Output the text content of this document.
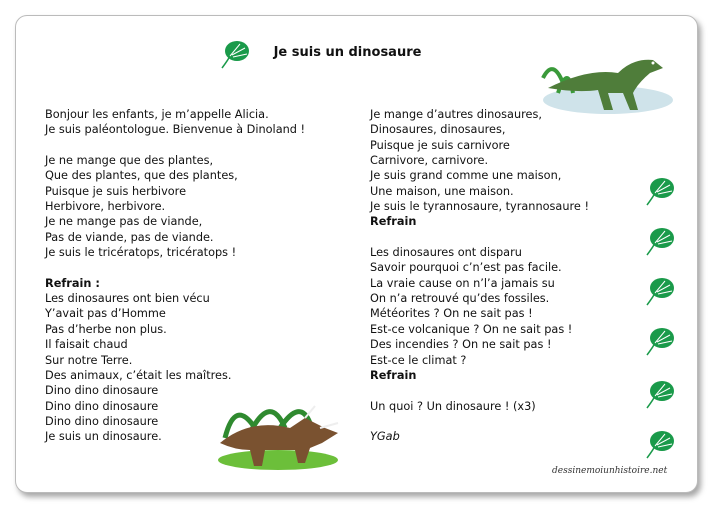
Je suis un dinosaure
Bonjour les enfants, je m’appelle Alicia.
Je suis paléontologue. Bienvenue à Dinoland !
Je ne mange que des plantes,
Que des plantes, que des plantes,
Puisque je suis herbivore
Herbivore, herbivore.
Je ne mange pas de viande,
Pas de viande, pas de viande.
Je suis le tricératops, tricératops !
Refrain :
Les dinosaures ont bien vécu
Y’avait pas d’Homme
Pas d’herbe non plus.
Il faisait chaud
Sur notre Terre.
Des animaux, c’était les maîtres.
Dino dino dinosaure
Dino dino dinosaure
Dino dino dinosaure
Je suis un dinosaure.
Je mange d’autres dinosaures,
Dinosaures, dinosaures,
Puisque je suis carnivore
Carnivore, carnivore.
Je suis grand comme une maison,
Une maison, une maison.
Je suis le tyrannosaure, tyrannosaure !
Refrain
Les dinosaures ont disparu
Savoir pourquoi c’n’est pas facile.
La vraie cause on n’l’a jamais su
On n’a retrouvé qu’des fossiles.
Météorites ? On ne sait pas !
Est-ce volcanique ? On ne sait pas !
Des incendies ? On ne sait pas !
Est-ce le climat ?
Refrain
Un quoi ? Un dinosaure ! (x3)
YGab
dessinemoiunhistoire.net
